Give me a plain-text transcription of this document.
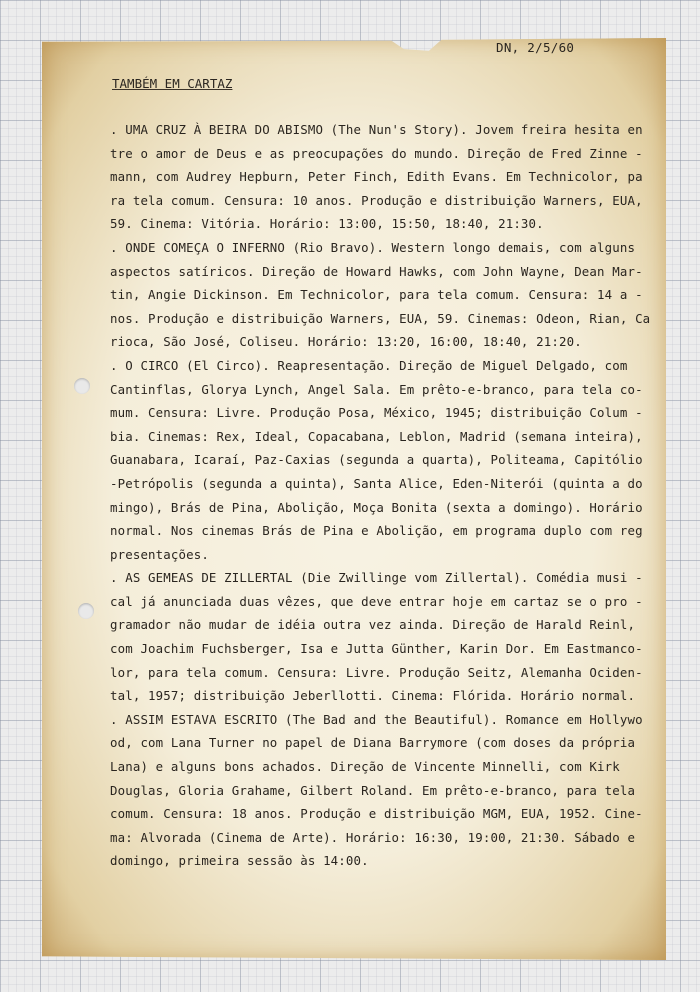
DN, 2/5/60
TAMBÉM EM CARTAZ
. UMA CRUZ À BEIRA DO ABISMO (The Nun's Story). Jovem freira hesita en
tre o amor de Deus e as preocupações do mundo. Direção de Fred Zinne -
mann, com Audrey Hepburn, Peter Finch, Edith Evans. Em Technicolor, pa
ra tela comum. Censura: 10 anos. Produção e distribuição Warners, EUA,
59. Cinema: Vitória. Horário: 13:00, 15:50, 18:40, 21:30.
. ONDE COMEÇA O INFERNO (Rio Bravo). Western longo demais, com alguns
aspectos satíricos. Direção de Howard Hawks, com John Wayne, Dean Mar-
tin, Angie Dickinson. Em Technicolor, para tela comum. Censura: 14 a -
nos. Produção e distribuição Warners, EUA, 59. Cinemas: Odeon, Rian, Ca
rioca, São José, Coliseu. Horário: 13:20, 16:00, 18:40, 21:20.
. O CIRCO (El Circo). Reapresentação. Direção de Miguel Delgado, com
Cantinflas, Glorya Lynch, Angel Sala. Em prêto-e-branco, para tela co-
mum. Censura: Livre. Produção Posa, México, 1945; distribuição Colum -
bia. Cinemas: Rex, Ideal, Copacabana, Leblon, Madrid (semana inteira),
Guanabara, Icaraí, Paz-Caxias (segunda a quarta), Politeama, Capitólio
-Petrópolis (segunda a quinta), Santa Alice, Eden-Niterói (quinta a do
mingo), Brás de Pina, Abolição, Moça Bonita (sexta a domingo). Horário
normal. Nos cinemas Brás de Pina e Abolição, em programa duplo com reg
presentações.
. AS GEMEAS DE ZILLERTAL (Die Zwillinge vom Zillertal). Comédia musi -
cal já anunciada duas vêzes, que deve entrar hoje em cartaz se o pro -
gramador não mudar de idéia outra vez ainda. Direção de Harald Reinl,
com Joachim Fuchsberger, Isa e Jutta Günther, Karin Dor. Em Eastmanco-
lor, para tela comum. Censura: Livre. Produção Seitz, Alemanha Ociden-
tal, 1957; distribuição Jeberllotti. Cinema: Flórida. Horário normal.
. ASSIM ESTAVA ESCRITO (The Bad and the Beautiful). Romance em Hollywo
od, com Lana Turner no papel de Diana Barrymore (com doses da própria
Lana) e alguns bons achados. Direção de Vincente Minnelli, com Kirk
Douglas, Gloria Grahame, Gilbert Roland. Em prêto-e-branco, para tela
comum. Censura: 18 anos. Produção e distribuição MGM, EUA, 1952. Cine-
ma: Alvorada (Cinema de Arte). Horário: 16:30, 19:00, 21:30. Sábado e
domingo, primeira sessão às 14:00.
